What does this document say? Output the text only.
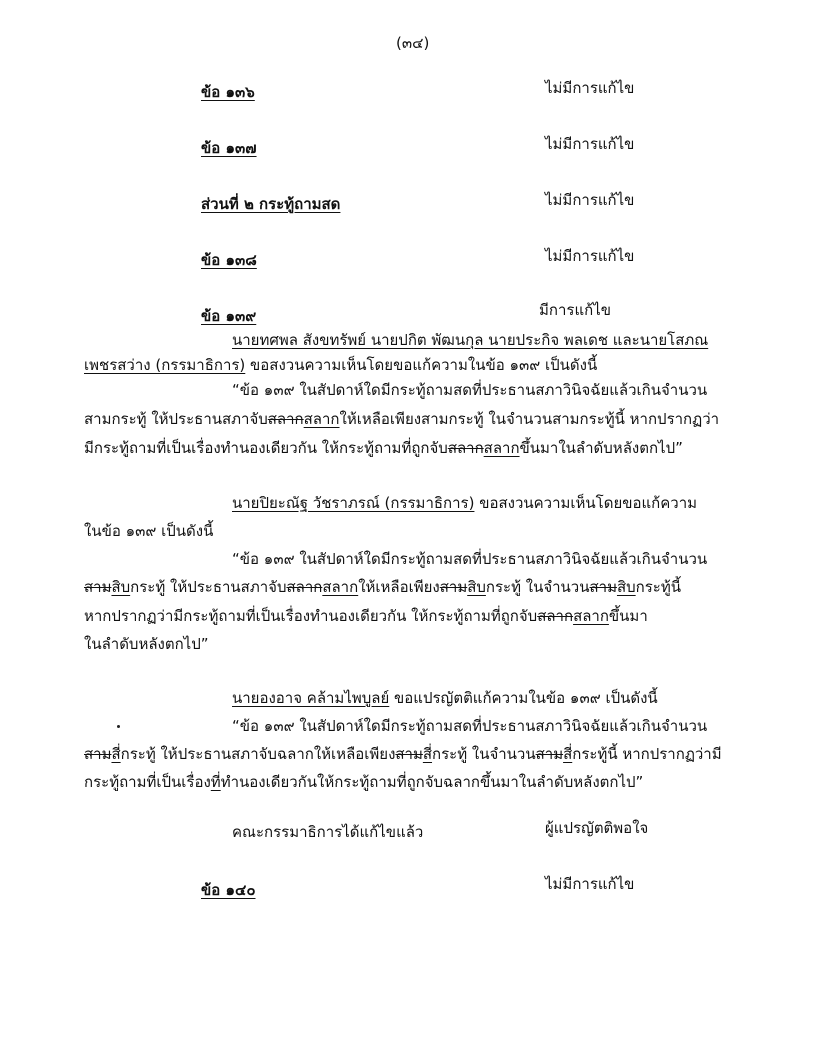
(๓๔)
ข้อ ๑๓๖	ไม่มีการแก้ไข
ข้อ ๑๓๗	ไม่มีการแก้ไข
ส่วนที่ ๒ กระทู้ถามสด	ไม่มีการแก้ไข
ข้อ ๑๓๘	ไม่มีการแก้ไข
ข้อ ๑๓๙	มีการแก้ไข
นายทศพล สังขทรัพย์ นายปกิต พัฒนกุล นายประกิจ พลเดช และนายโสภณ
เพชรสว่าง (กรรมาธิการ) ขอสงวนความเห็นโดยขอแก้ความในข้อ ๑๓๙ เป็นดังนี้
“ข้อ ๑๓๙ ในสัปดาห์ใดมีกระทู้ถามสดที่ประธานสภาวินิจฉัยแล้วเกินจำนวน
สามกระทู้ ให้ประธานสภาจับสลากสลากให้เหลือเพียงสามกระทู้ ในจำนวนสามกระทู้นี้ หากปรากฏว่า
มีกระทู้ถามที่เป็นเรื่องทำนองเดียวกัน ให้กระทู้ถามที่ถูกจับสลากสลากขึ้นมาในลำดับหลังตกไป”
นายปิยะณัฐ วัชราภรณ์ (กรรมาธิการ) ขอสงวนความเห็นโดยขอแก้ความ
ในข้อ ๑๓๙ เป็นดังนี้
“ข้อ ๑๓๙ ในสัปดาห์ใดมีกระทู้ถามสดที่ประธานสภาวินิจฉัยแล้วเกินจำนวน
สามสิบกระทู้ ให้ประธานสภาจับสลากสลากให้เหลือเพียงสามสิบกระทู้ ในจำนวนสามสิบกระทู้นี้
หากปรากฏว่ามีกระทู้ถามที่เป็นเรื่องทำนองเดียวกัน ให้กระทู้ถามที่ถูกจับสลากสลากขึ้นมา
ในลำดับหลังตกไป”
นายองอาจ คล้ามไพบูลย์ ขอแปรญัตติแก้ความในข้อ ๑๓๙ เป็นดังนี้
“ข้อ ๑๓๙ ในสัปดาห์ใดมีกระทู้ถามสดที่ประธานสภาวินิจฉัยแล้วเกินจำนวน
สามสี่กระทู้ ให้ประธานสภาจับฉลากให้เหลือเพียงสามสี่กระทู้ ในจำนวนสามสี่กระทู้นี้ หากปรากฏว่ามี
กระทู้ถามที่เป็นเรื่องที่ทำนองเดียวกันให้กระทู้ถามที่ถูกจับฉลากขึ้นมาในลำดับหลังตกไป”
คณะกรรมาธิการได้แก้ไขแล้ว	ผู้แปรญัตติพอใจ
ข้อ ๑๔๐	ไม่มีการแก้ไข
